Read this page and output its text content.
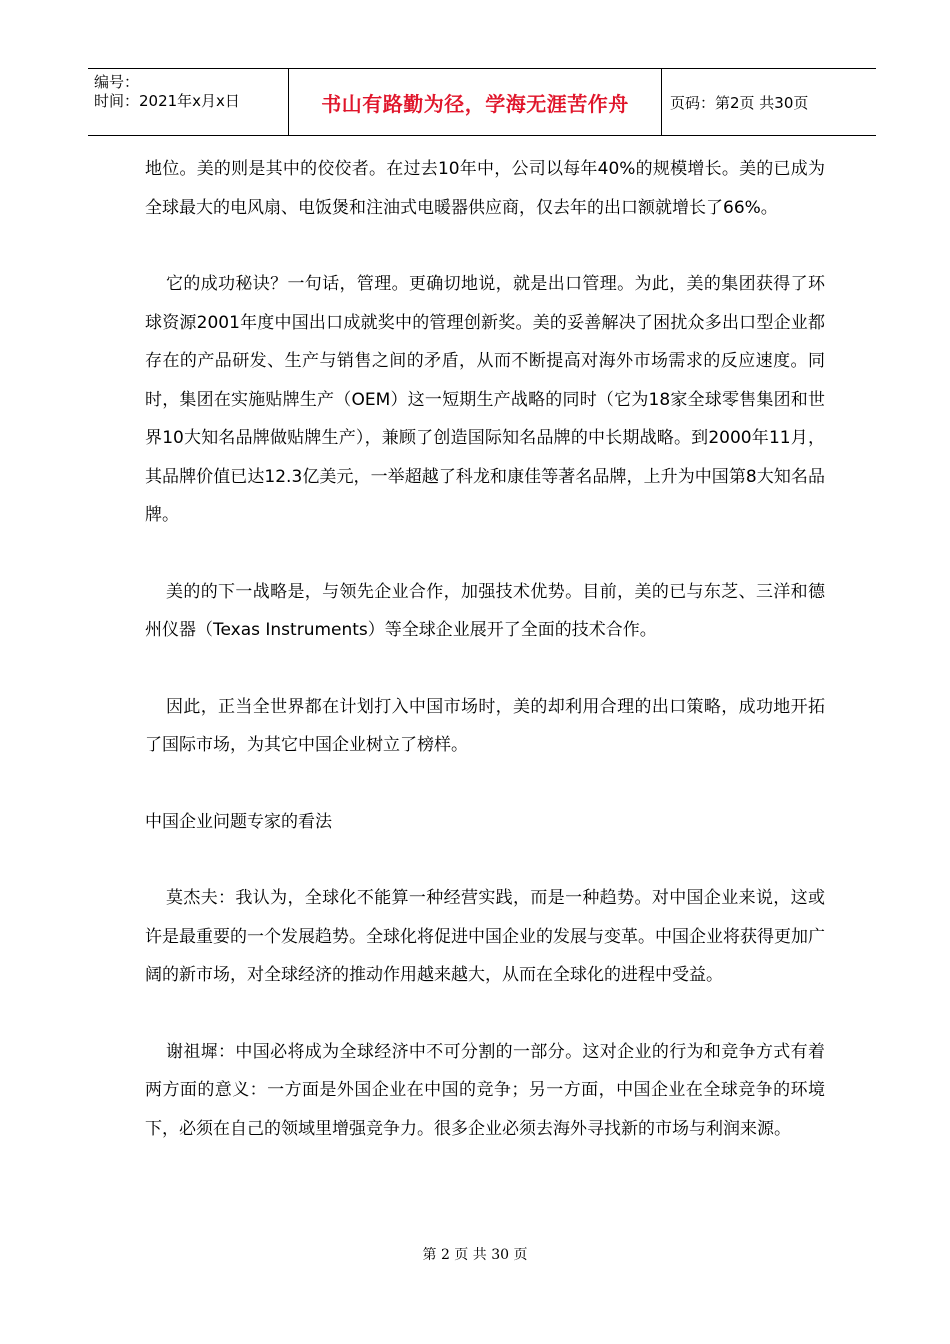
编号：
时间：2021年x月x日	书山有路勤为径，学海无涯苦作舟	页码：第2页 共30页

地位。美的则是其中的佼佼者。在过去10年中，公司以每年40%的规模增长。美的已成为全球最大的电风扇、电饭煲和注油式电暖器供应商，仅去年的出口额就增长了66%。

它的成功秘诀？一句话，管理。更确切地说，就是出口管理。为此，美的集团获得了环球资源2001年度中国出口成就奖中的管理创新奖。美的妥善解决了困扰众多出口型企业都存在的产品研发、生产与销售之间的矛盾，从而不断提高对海外市场需求的反应速度。同时，集团在实施贴牌生产（OEM）这一短期生产战略的同时（它为18家全球零售集团和世界10大知名品牌做贴牌生产），兼顾了创造国际知名品牌的中长期战略。到2000年11月，其品牌价值已达12.3亿美元，一举超越了科龙和康佳等著名品牌，上升为中国第8大知名品牌。

美的的下一战略是，与领先企业合作，加强技术优势。目前，美的已与东芝、三洋和德州仪器（Texas Instruments）等全球企业展开了全面的技术合作。

因此，正当全世界都在计划打入中国市场时，美的却利用合理的出口策略，成功地开拓了国际市场，为其它中国企业树立了榜样。

中国企业问题专家的看法

莫杰夫：我认为，全球化不能算一种经营实践，而是一种趋势。对中国企业来说，这或许是最重要的一个发展趋势。全球化将促进中国企业的发展与变革。中国企业将获得更加广阔的新市场，对全球经济的推动作用越来越大，从而在全球化的进程中受益。

谢祖墀：中国必将成为全球经济中不可分割的一部分。这对企业的行为和竞争方式有着两方面的意义：一方面是外国企业在中国的竞争；另一方面，中国企业在全球竞争的环境下，必须在自己的领域里增强竞争力。很多企业必须去海外寻找新的市场与利润来源。

第 2 页 共 30 页
